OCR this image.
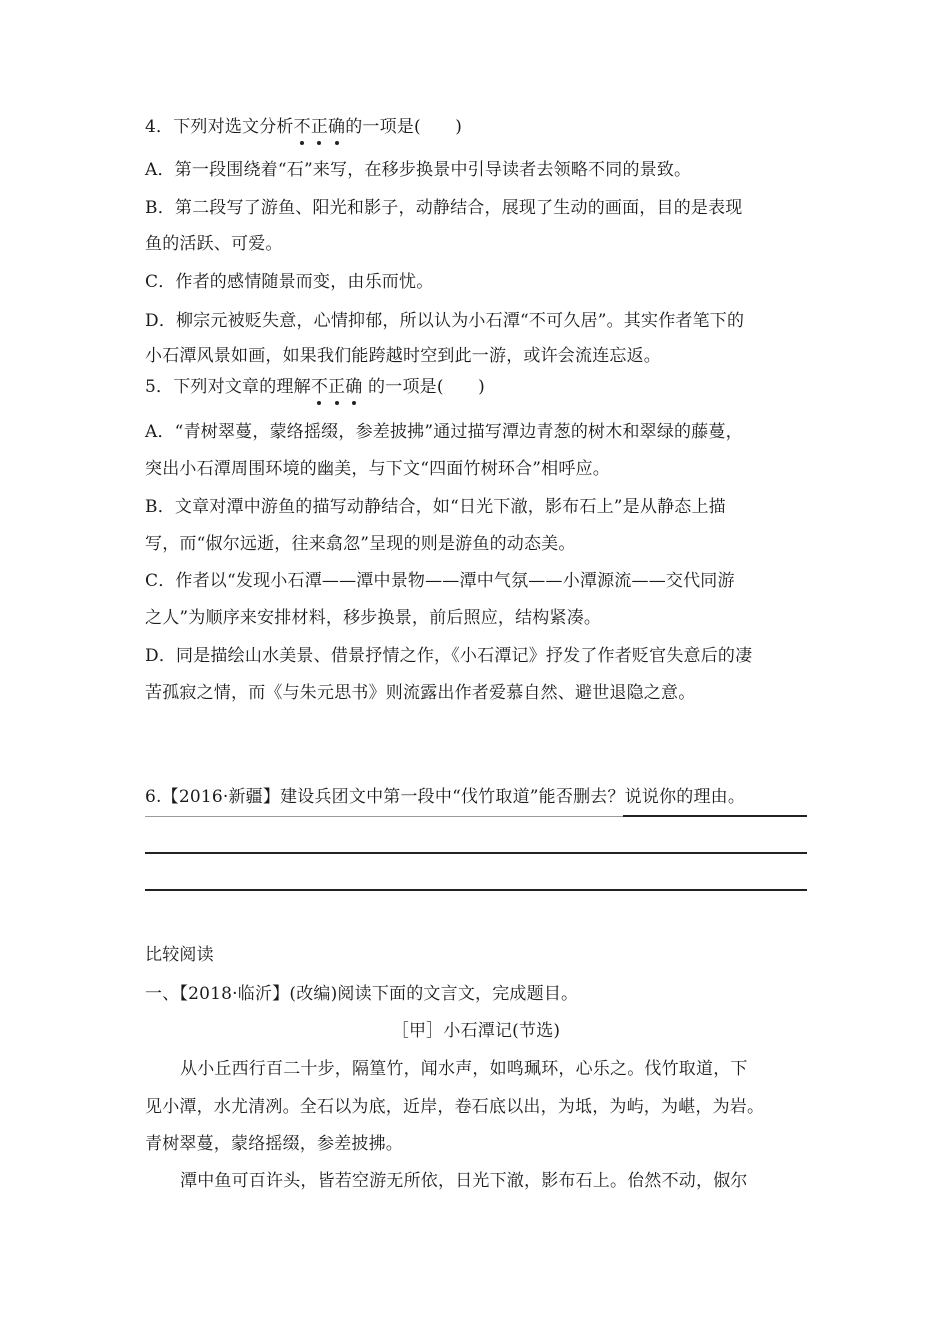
4．下列对选文分析不正确的一项是(　　)
A．第一段围绕着“石”来写，在移步换景中引导读者去领略不同的景致。
B．第二段写了游鱼、阳光和影子，动静结合，展现了生动的画面，目的是表现
鱼的活跃、可爱。
C．作者的感情随景而变，由乐而忧。
D．柳宗元被贬失意，心情抑郁，所以认为小石潭“不可久居”。其实作者笔下的
小石潭风景如画，如果我们能跨越时空到此一游，或许会流连忘返。
5．下列对文章的理解不正确 的一项是(　　)
A．“青树翠蔓，蒙络摇缀，参差披拂”通过描写潭边青葱的树木和翠绿的藤蔓，
突出小石潭周围环境的幽美，与下文“四面竹树环合”相呼应。
B．文章对潭中游鱼的描写动静结合，如“日光下澈，影布石上”是从静态上描
写，而“俶尔远逝，往来翕忽”呈现的则是游鱼的动态美。
C．作者以“发现小石潭——潭中景物——潭中气氛——小潭源流——交代同游
之人”为顺序来安排材料，移步换景，前后照应，结构紧凑。
D．同是描绘山水美景、借景抒情之作，《小石潭记》抒发了作者贬官失意后的凄
苦孤寂之情，而《与朱元思书》则流露出作者爱慕自然、避世退隐之意。
6.【2016·新疆】建设兵团文中第一段中“伐竹取道”能否删去？说说你的理由。
比较阅读
一、【2018·临沂】(改编)阅读下面的文言文，完成题目。
［甲］小石潭记(节选)
从小丘西行百二十步，隔篁竹，闻水声，如鸣珮环，心乐之。伐竹取道，下
见小潭，水尤清冽。全石以为底，近岸，卷石底以出，为坻，为屿，为嵁，为岩。
青树翠蔓，蒙络摇缀，参差披拂。
潭中鱼可百许头，皆若空游无所依，日光下澈，影布石上。佁然不动，俶尔
